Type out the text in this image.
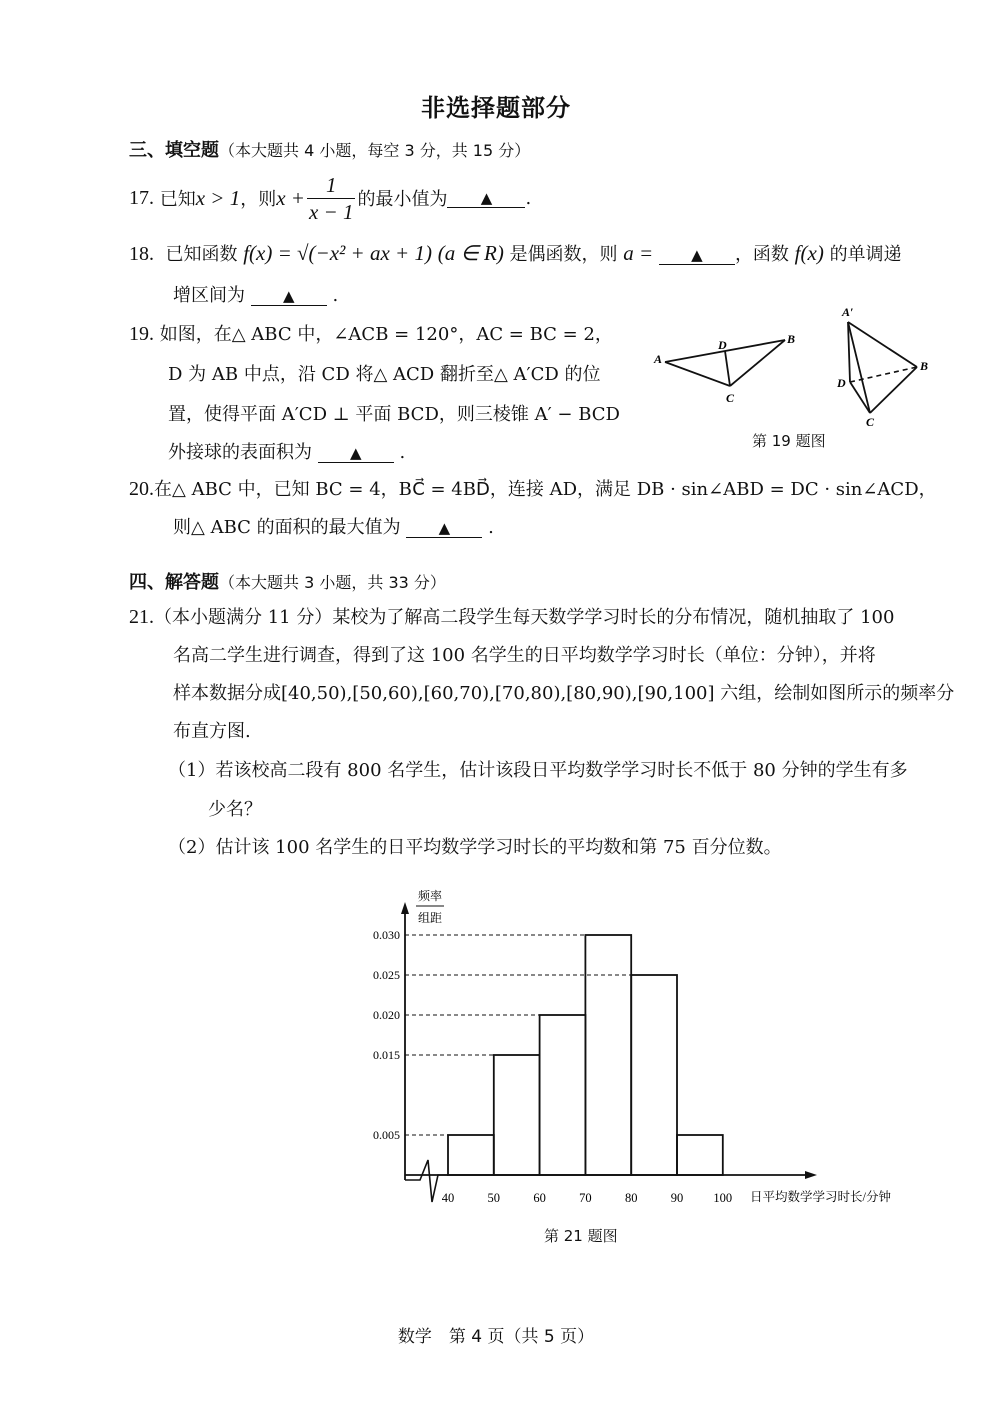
非选择题部分
三、填空题（本大题共 4 小题，每空 3 分，共 15 分）
17.
已知 x > 1 ，则 $x + \frac{1}{x - 1}$ 的最小值为	▲	.
18. 已知函数 f(x) = √(−x² + ax + 1) (a ∈ R) 是偶函数，则 a =	▲ ，函数 f(x) 的单调递
增区间为	▲ .
19. 如图，在△ ABC 中，∠ACB = 120°，AC = BC = 2，
D 为 AB 中点，沿 CD 将△ ACD 翻折至△ A′CD 的位
置，使得平面 A′CD ⊥ 平面 BCD，则三棱锥 A′ − BCD
外接球的表面积为	▲ .
A
B
C
D
A′
B
C
D
第 19 题图
20.在△ ABC 中，已知 BC = 4，BC⃗ = 4BD⃗，连接 AD，满足 DB · sin∠ABD = DC · sin∠ACD，
则△ ABC 的面积的最大值为	▲ .
四、解答题（本大题共 3 小题，共 33 分）
21.（本小题满分 11 分）某校为了解高二段学生每天数学学习时长的分布情况，随机抽取了 100
名高二学生进行调查，得到了这 100 名学生的日平均数学学习时长（单位：分钟），并将
样本数据分成[40,50),[50,60),[60,70),[70,80),[80,90),[90,100] 六组，绘制如图所示的频率分
布直方图.
（1）若该校高二段有 800 名学生，估计该段日平均数学学习时长不低于 80 分钟的学生有多
少名？
（2）估计该 100 名学生的日平均数学学习时长的平均数和第 75 百分位数。
频率
组距
日平均数学学习时长/分钟
0.005
0.015
0.020
0.025
0.030
40	50	60	70	80	90 100
第 21 题图
数学　第 4 页（共 5 页）
